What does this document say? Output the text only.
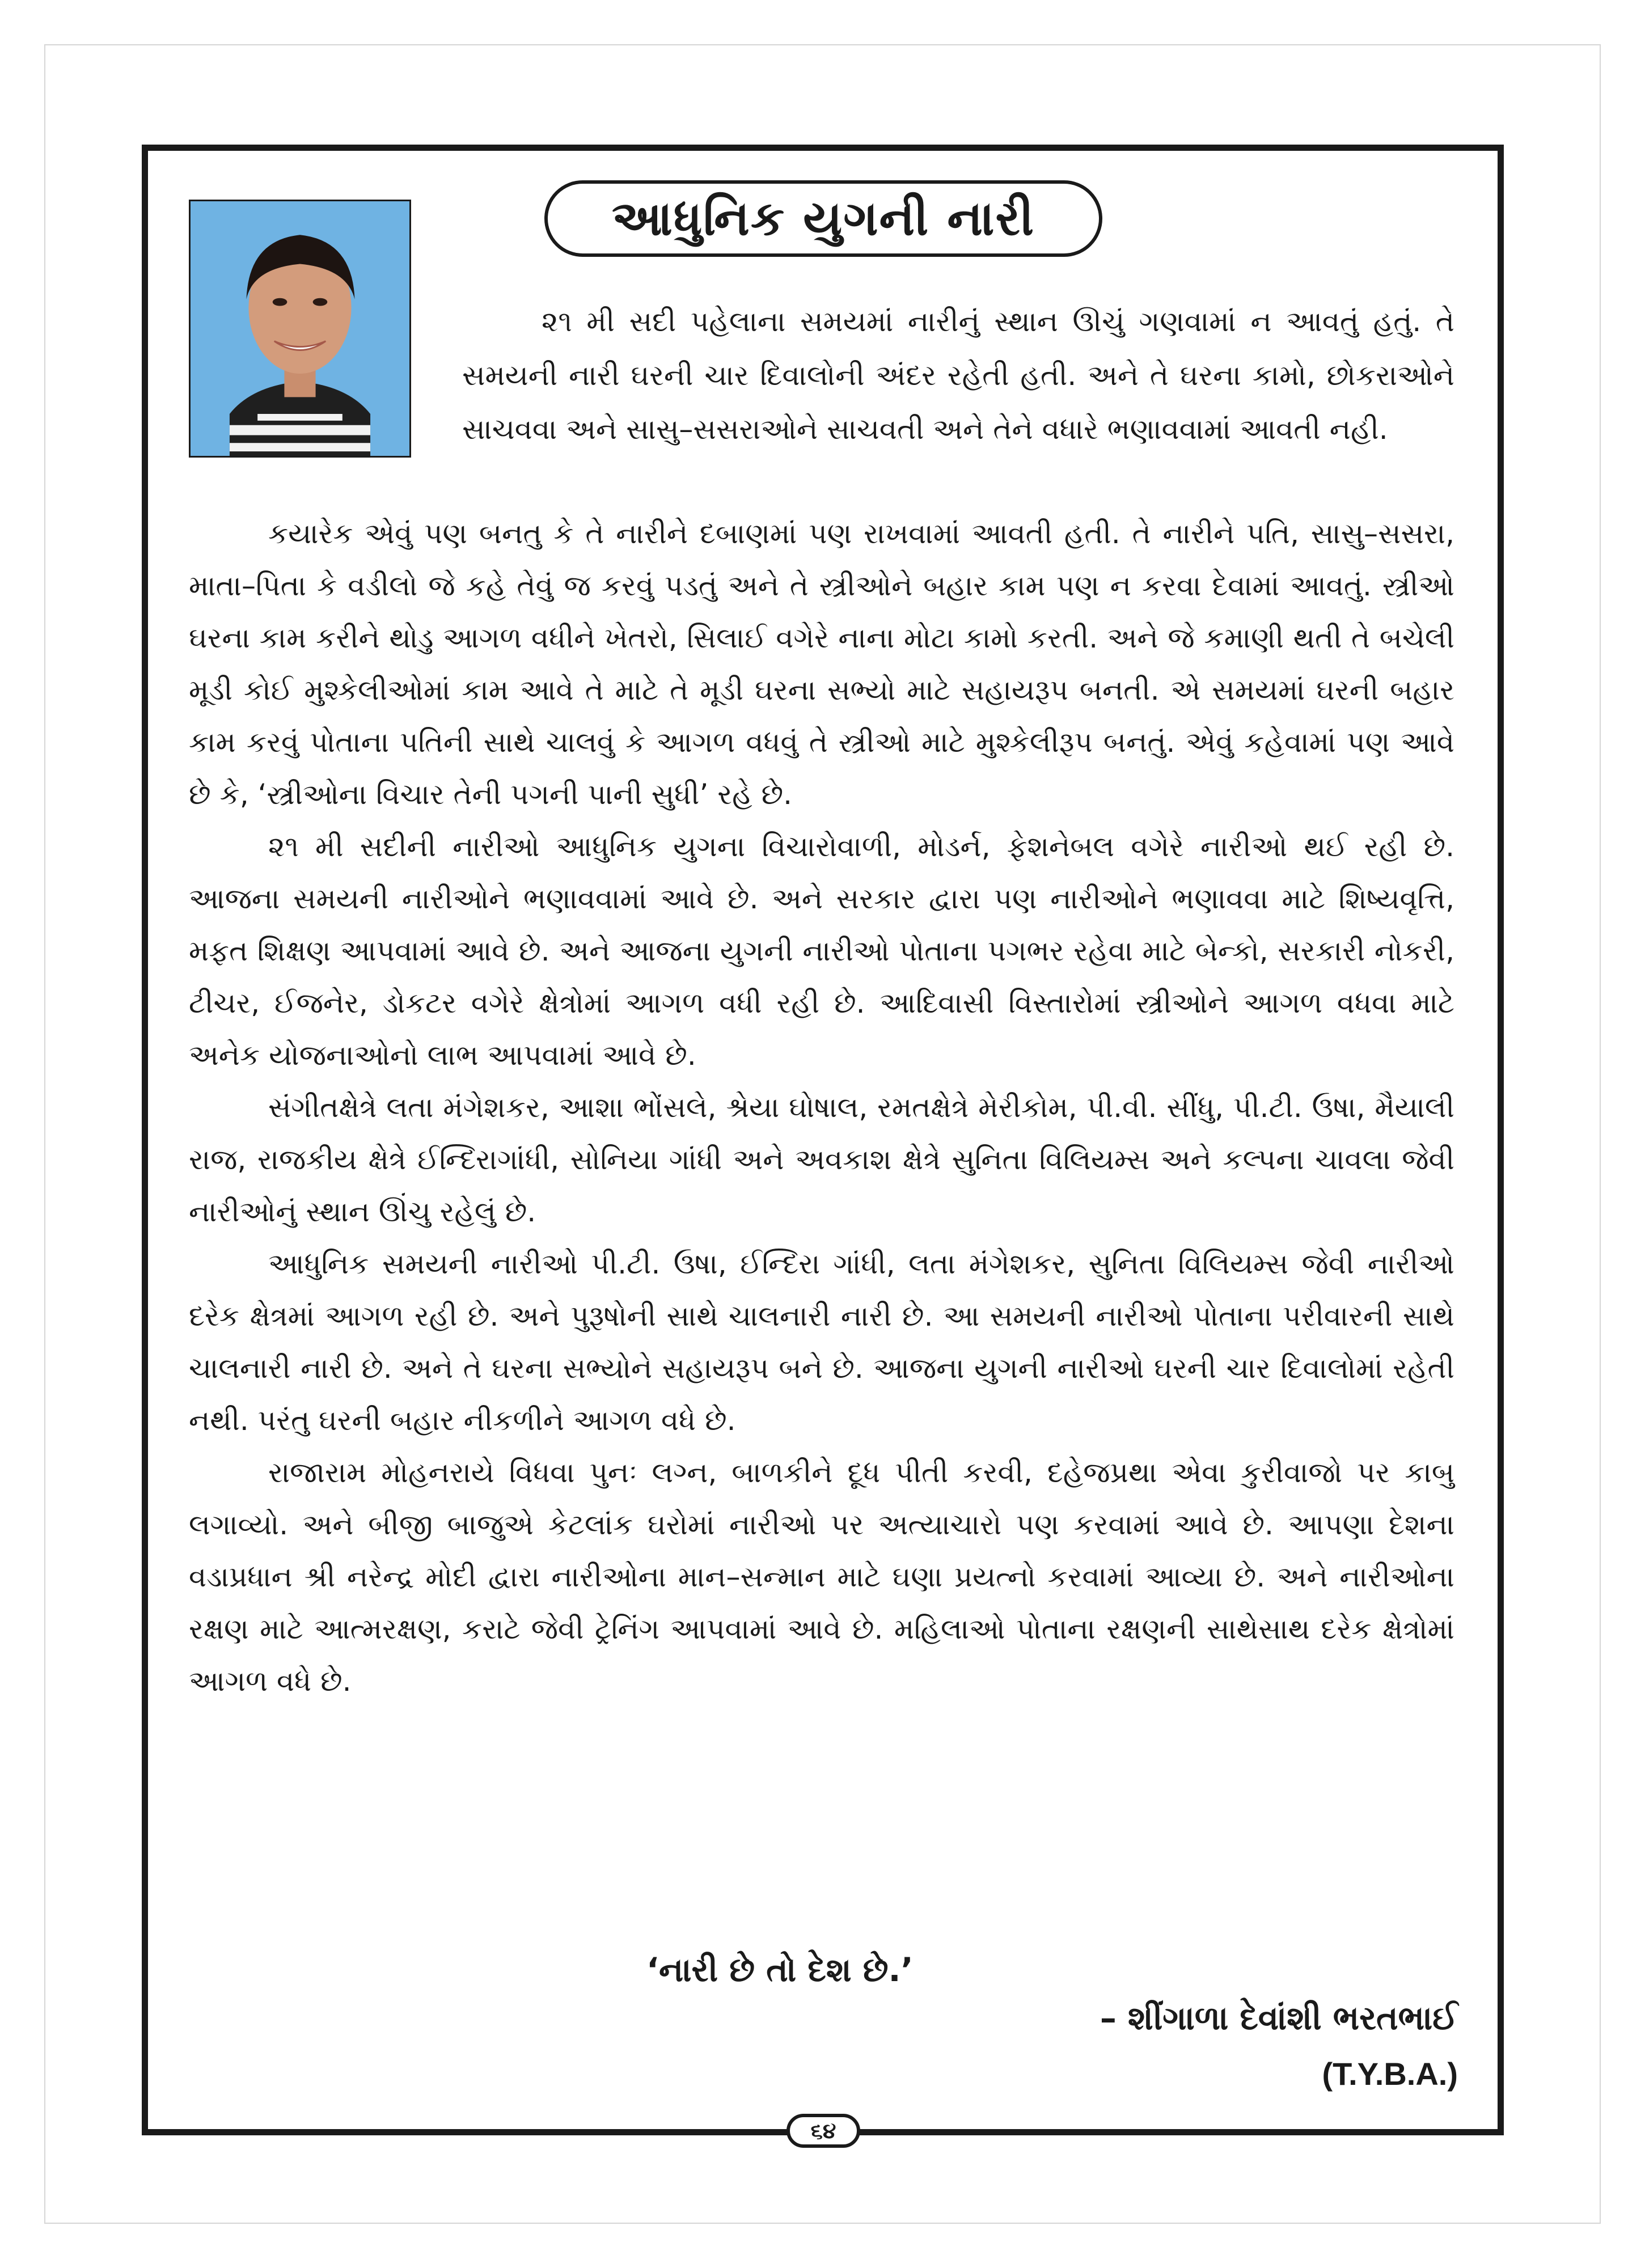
આધુનિક યુગની નારી

૨૧ મી સદી પહેલાના સમયમાં નારીનું સ્થાન ઊચું ગણવામાં ન આવતું હતું. તે સમયની નારી ઘરની ચાર દિવાલોની અંદર રહેતી હતી. અને તે ઘરના કામો, છોકરાઓને સાચવવા અને સાસુ–સસરાઓને સાચવતી અને તેને વધારે ભણાવવામાં આવતી નહી.

કયારેક એવું પણ બનતુ કે તે નારીને દબાણમાં પણ રાખવામાં આવતી હતી. તે નારીને પતિ, સાસુ–સસરા, માતા–પિતા કે વડીલો જે કહે તેવું જ કરવું પડતું અને તે સ્ત્રીઓને બહાર કામ પણ ન કરવા દેવામાં આવતું. સ્ત્રીઓ ઘરના કામ કરીને થોડુ આગળ વધીને ખેતરો, સિલાઈ વગેરે નાના મોટા કામો કરતી. અને જે કમાણી થતી તે બચેલી મૂડી કોઈ મુશ્કેલીઓમાં કામ આવે તે માટે તે મૂડી ઘરના સભ્યો માટે સહાયરૂપ બનતી. એ સમયમાં ઘરની બહાર કામ કરવું પોતાના પતિની સાથે ચાલવું કે આગળ વધવું તે સ્ત્રીઓ માટે મુશ્કેલીરૂપ બનતું. એવું કહેવામાં પણ આવે છે કે, ‘સ્ત્રીઓના વિચાર તેની પગની પાની સુધી’ રહે છે.

૨૧ મી સદીની નારીઓ આધુનિક યુગના વિચારોવાળી, મોડર્ન, ફેશનેબલ વગેરે નારીઓ થઈ રહી છે. આજના સમયની નારીઓને ભણાવવામાં આવે છે. અને સરકાર દ્વારા પણ નારીઓને ભણાવવા માટે શિષ્યવૃત્તિ, મફત શિક્ષણ આપવામાં આવે છે. અને આજના યુગની નારીઓ પોતાના પગભર રહેવા માટે બેન્કો, સરકારી નોકરી, ટીચર, ઈજનેર, ડોકટર વગેરે ક્ષેત્રોમાં આગળ વધી રહી છે. આદિવાસી વિસ્તારોમાં સ્ત્રીઓને આગળ વધવા માટે અનેક યોજનાઓનો લાભ આપવામાં આવે છે.

સંગીતક્ષેત્રે લતા મંગેશકર, આશા ભોંસલે, શ્રેયા ઘોષાલ, રમતક્ષેત્રે મેરીકોમ, પી.વી. સીંધુ, પી.ટી. ઉષા, મૈયાલી રાજ, રાજકીય ક્ષેત્રે ઈન્દિરાગાંધી, સોનિયા ગાંધી અને અવકાશ ક્ષેત્રે સુનિતા વિલિયમ્સ અને કલ્પના ચાવલા જેવી નારીઓનું સ્થાન ઊંચુ રહેલું છે.

આધુનિક સમયની નારીઓ પી.ટી. ઉષા, ઈન્દિરા ગાંધી, લતા મંગેશકર, સુનિતા વિલિયમ્સ જેવી નારીઓ દરેક ક્ષેત્રમાં આગળ રહી છે. અને પુરૂષોની સાથે ચાલનારી નારી છે. આ સમયની નારીઓ પોતાના પરીવારની સાથે ચાલનારી નારી છે. અને તે ઘરના સભ્યોને સહાયરૂપ બને છે. આજના યુગની નારીઓ ઘરની ચાર દિવાલોમાં રહેતી નથી. પરંતુ ઘરની બહાર નીકળીને આગળ વધે છે.

રાજારામ મોહનરાયે વિધવા પુનઃ લગ્ન, બાળકીને દૂધ પીતી કરવી, દહેજપ્રથા એવા કુરીવાજો પર કાબુ લગાવ્યો. અને બીજી બાજુએ કેટલાંક ઘરોમાં નારીઓ પર અત્યાચારો પણ કરવામાં આવે છે. આપણા દેશના વડાપ્રધાન શ્રી નરેન્દ્ર મોદી દ્વારા નારીઓના માન–સન્માન માટે ઘણા પ્રયત્નો કરવામાં આવ્યા છે. અને નારીઓના રક્ષણ માટે આત્મરક્ષણ, કરાટે જેવી ટ્રેનિંગ આપવામાં આવે છે. મહિલાઓ પોતાના રક્ષણની સાથેસાથ દરેક ક્ષેત્રોમાં આગળ વધે છે.

‘નારી છે તો દેશ છે.’

– શીંગાળા દેવાંશી ભરતભાઈ

(T.Y.B.A.)

૬૪
